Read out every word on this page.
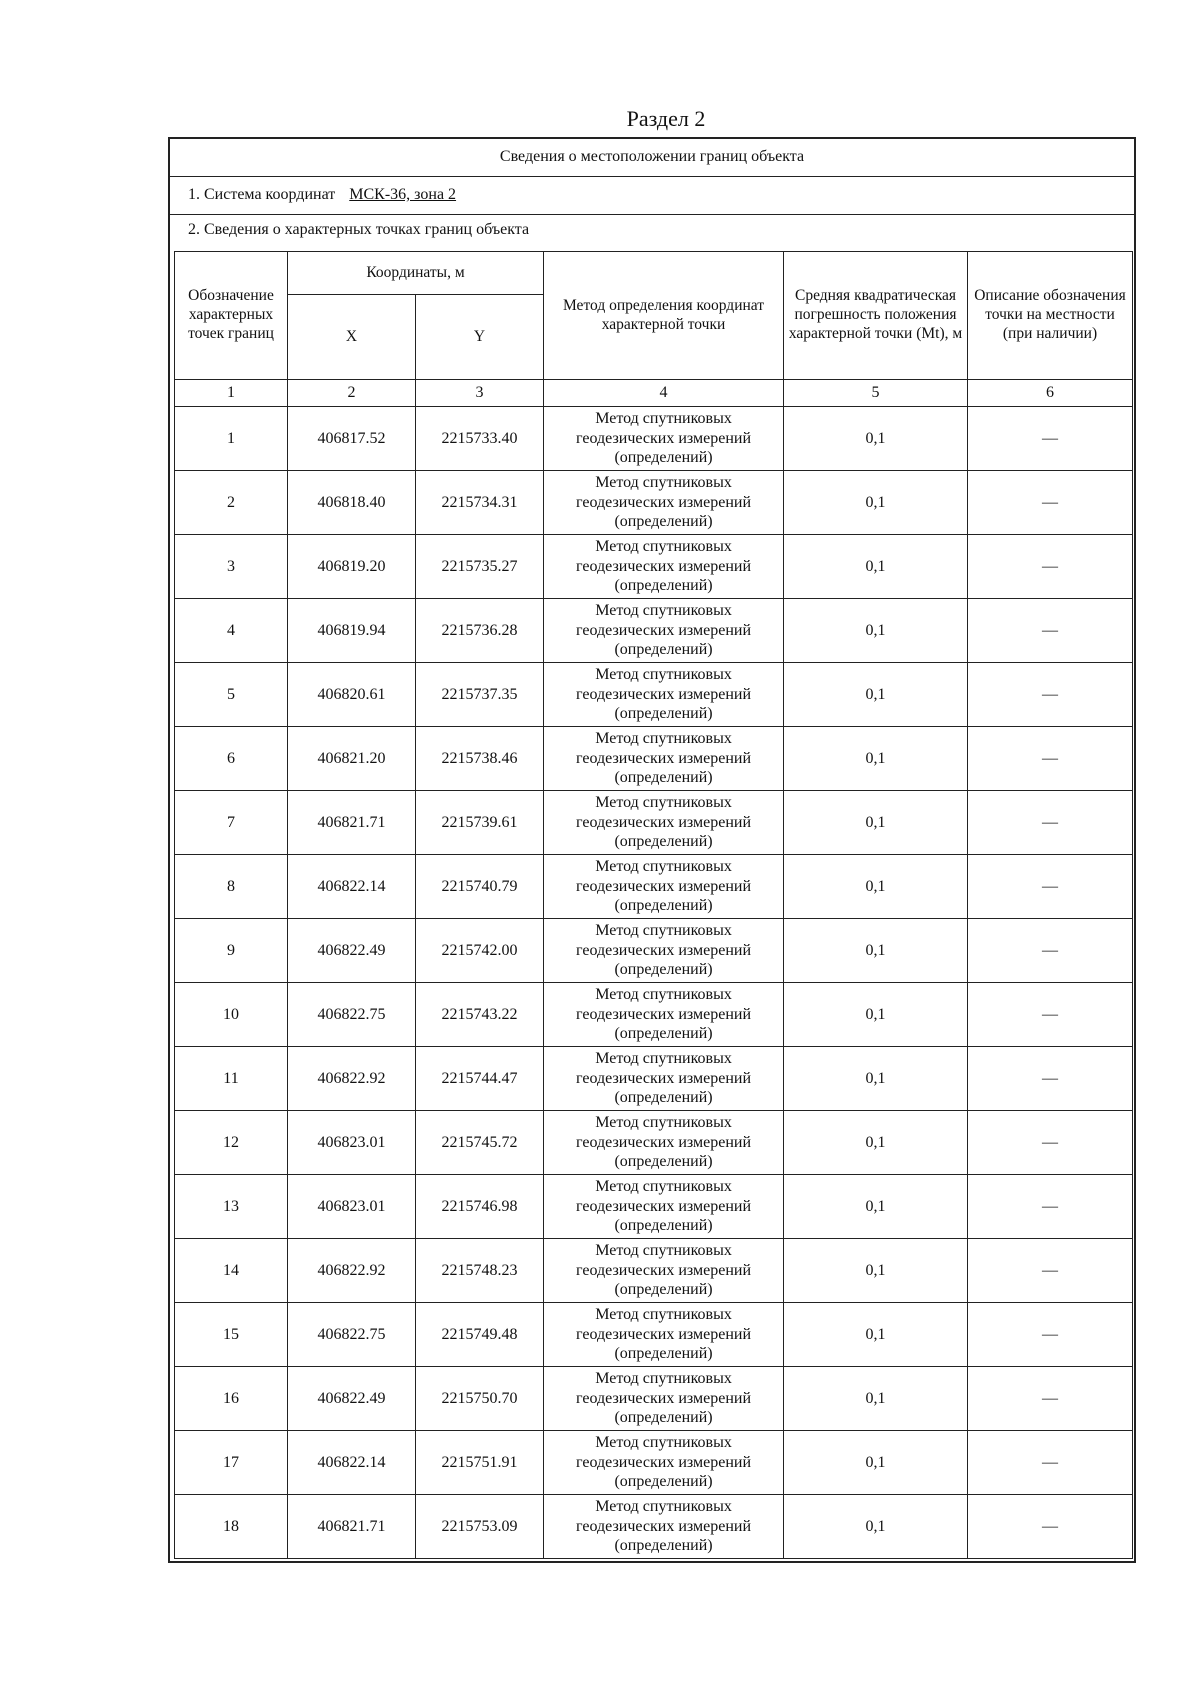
Раздел 2
Сведения о местоположении границ объекта
1. Система координат МСК-36, зона 2
2. Сведения о характерных точках границ объекта
Обозначение характерных точек границ	Координаты, м		Метод определения координат характерной точки	Средняя квадратическая погрешность положения характерной точки (Mt), м	Описание обозначения точки на местности (при наличии)
	X	Y			
1	2	3	4	5	6
1	406817.52	2215733.40	Метод спутниковых геодезических измерений (определений)	0,1	—
2	406818.40	2215734.31	Метод спутниковых геодезических измерений (определений)	0,1	—
3	406819.20	2215735.27	Метод спутниковых геодезических измерений (определений)	0,1	—
4	406819.94	2215736.28	Метод спутниковых геодезических измерений (определений)	0,1	—
5	406820.61	2215737.35	Метод спутниковых геодезических измерений (определений)	0,1	—
6	406821.20	2215738.46	Метод спутниковых геодезических измерений (определений)	0,1	—
7	406821.71	2215739.61	Метод спутниковых геодезических измерений (определений)	0,1	—
8	406822.14	2215740.79	Метод спутниковых геодезических измерений (определений)	0,1	—
9	406822.49	2215742.00	Метод спутниковых геодезических измерений (определений)	0,1	—
10	406822.75	2215743.22	Метод спутниковых геодезических измерений (определений)	0,1	—
11	406822.92	2215744.47	Метод спутниковых геодезических измерений (определений)	0,1	—
12	406823.01	2215745.72	Метод спутниковых геодезических измерений (определений)	0,1	—
13	406823.01	2215746.98	Метод спутниковых геодезических измерений (определений)	0,1	—
14	406822.92	2215748.23	Метод спутниковых геодезических измерений (определений)	0,1	—
15	406822.75	2215749.48	Метод спутниковых геодезических измерений (определений)	0,1	—
16	406822.49	2215750.70	Метод спутниковых геодезических измерений (определений)	0,1	—
17	406822.14	2215751.91	Метод спутниковых геодезических измерений (определений)	0,1	—
18	406821.71	2215753.09	Метод спутниковых геодезических измерений (определений)	0,1	—
